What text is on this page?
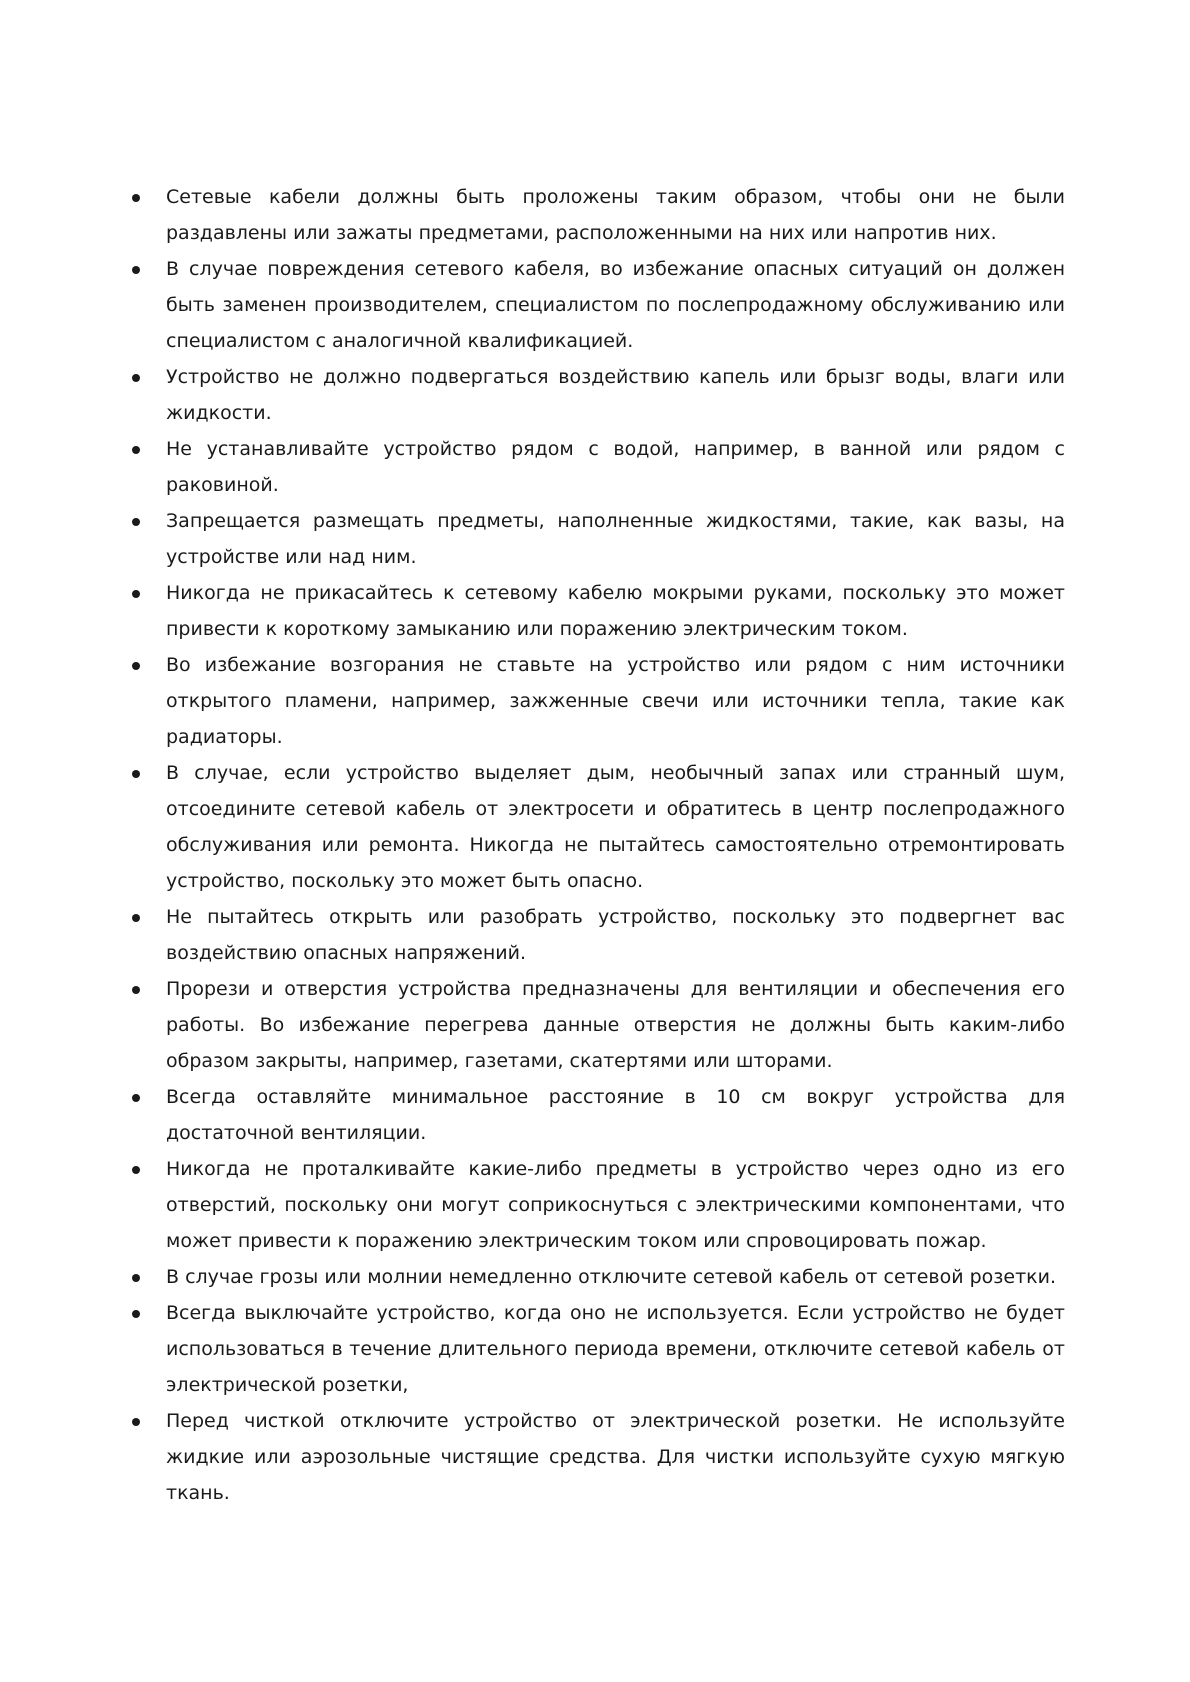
Сетевые кабели должны быть проложены таким образом, чтобы они не были раздавлены или зажаты предметами, расположенными на них или напротив них.
В случае повреждения сетевого кабеля, во избежание опасных ситуаций он должен быть заменен производителем, специалистом по послепродажному обслуживанию или специалистом с аналогичной квалификацией.
Устройство не должно подвергаться воздействию капель или брызг воды, влаги или жидкости.
Не устанавливайте устройство рядом с водой, например, в ванной или рядом с раковиной.
Запрещается размещать предметы, наполненные жидкостями, такие, как вазы, на устройстве или над ним.
Никогда не прикасайтесь к сетевому кабелю мокрыми руками, поскольку это может привести к короткому замыканию или поражению электрическим током.
Во избежание возгорания не ставьте на устройство или рядом с ним источники открытого пламени, например, зажженные свечи или источники тепла, такие как радиаторы.
В случае, если устройство выделяет дым, необычный запах или странный шум, отсоедините сетевой кабель от электросети и обратитесь в центр послепродажного обслуживания или ремонта. Никогда не пытайтесь самостоятельно отремонтировать устройство, поскольку это может быть опасно.
Не пытайтесь открыть или разобрать устройство, поскольку это подвергнет вас воздействию опасных напряжений.
Прорези и отверстия устройства предназначены для вентиляции и обеспечения его работы. Во избежание перегрева данные отверстия не должны быть каким-либо образом закрыты, например, газетами, скатертями или шторами.
Всегда оставляйте минимальное расстояние в 10 см вокруг устройства для достаточной вентиляции.
Никогда не проталкивайте какие-либо предметы в устройство через одно из его отверстий, поскольку они могут соприкоснуться с электрическими компонентами, что может привести к поражению электрическим током или спровоцировать пожар.
В случае грозы или молнии немедленно отключите сетевой кабель от сетевой розетки.
Всегда выключайте устройство, когда оно не используется. Если устройство не будет использоваться в течение длительного периода времени, отключите сетевой кабель от электрической розетки,
Перед чисткой отключите устройство от электрической розетки. Не используйте жидкие или аэрозольные чистящие средства. Для чистки используйте сухую мягкую ткань.
